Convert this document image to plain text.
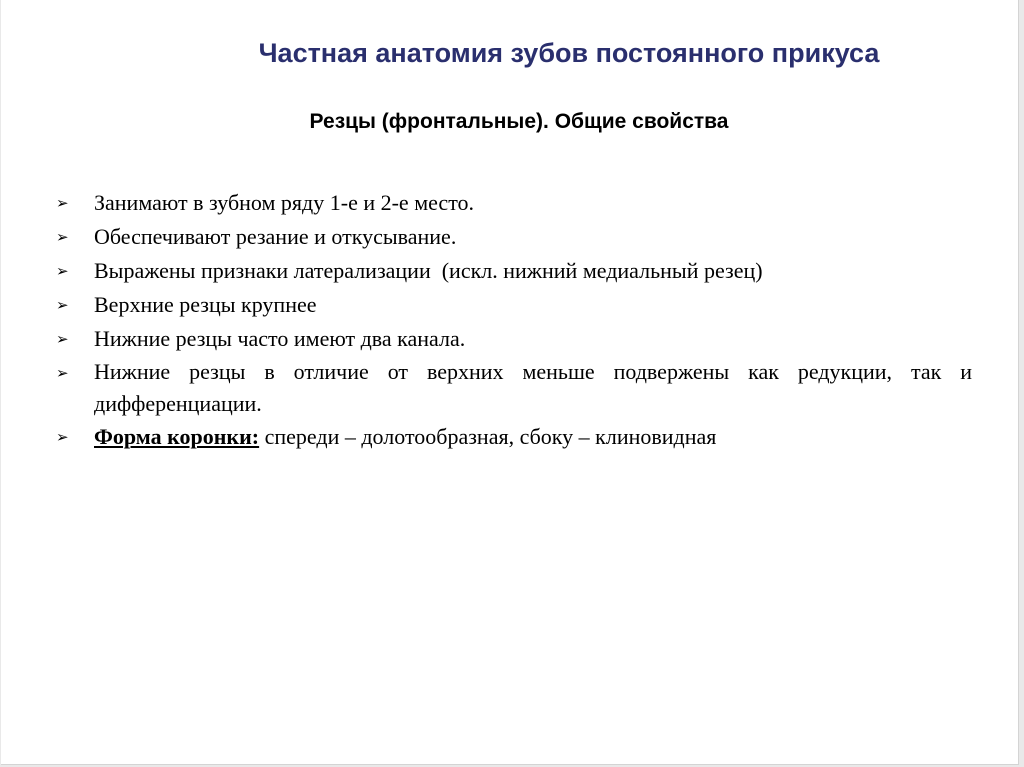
Частная анатомия зубов постоянного прикуса
Резцы (фронтальные). Общие свойства
➢ Занимают в зубном ряду 1-е и 2-е место.
➢ Обеспечивают резание и откусывание.
➢ Выражены признаки латерализации  (искл. нижний медиальный резец)
➢ Верхние резцы крупнее
➢ Нижние резцы часто имеют два канала.
➢ Нижние резцы в отличие от верхних меньше подвержены как редукции, так и дифференциации.
➢ Форма коронки: спереди – долотообразная, сбоку – клиновидная
